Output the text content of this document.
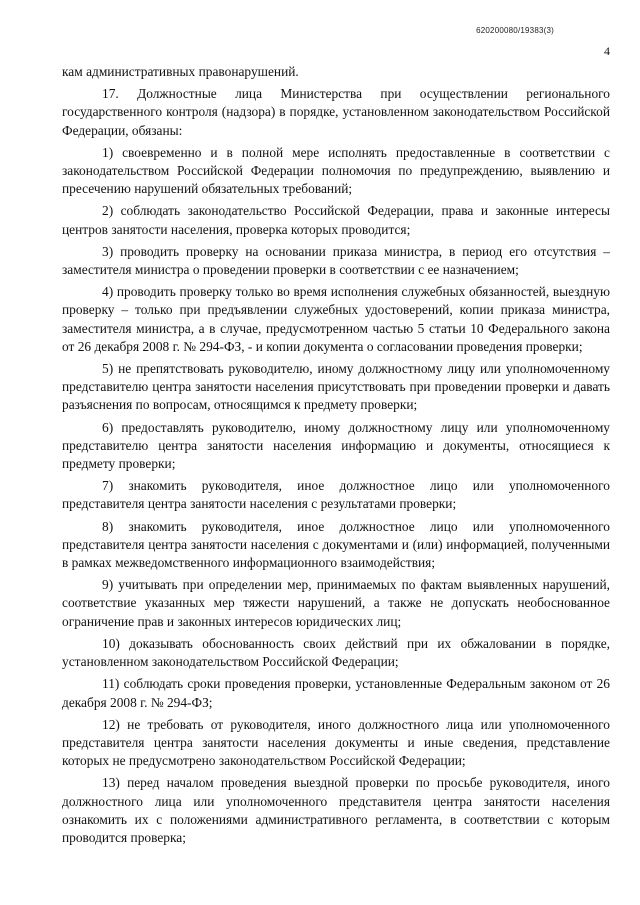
620200080/19383(3)
4

кам административных правонарушений.

17. Должностные лица Министерства при осуществлении регионального государственного контроля (надзора) в порядке, установленном законодательством Российской Федерации, обязаны:

1) своевременно и в полной мере исполнять предоставленные в соответствии с законодательством Российской Федерации полномочия по предупреждению, выявлению и пресечению нарушений обязательных требований;

2) соблюдать законодательство Российской Федерации, права и законные интересы центров занятости населения, проверка которых проводится;

3) проводить проверку на основании приказа министра, в период его отсутствия – заместителя министра о проведении проверки в соответствии с ее назначением;

4) проводить проверку только во время исполнения служебных обязанностей, выездную проверку – только при предъявлении служебных удостоверений, копии приказа министра, заместителя министра, а в случае, предусмотренном частью 5 статьи 10 Федерального закона от 26 декабря 2008 г. № 294-ФЗ, - и копии документа о согласовании проведения проверки;

5) не препятствовать руководителю, иному должностному лицу или уполномоченному представителю центра занятости населения присутствовать при проведении проверки и давать разъяснения по вопросам, относящимся к предмету проверки;

6) предоставлять руководителю, иному должностному лицу или уполномоченному представителю центра занятости населения информацию и документы, относящиеся к предмету проверки;

7) знакомить руководителя, иное должностное лицо или уполномоченного представителя центра занятости населения с результатами проверки;

8) знакомить руководителя, иное должностное лицо или уполномоченного представителя центра занятости населения с документами и (или) информацией, полученными в рамках межведомственного информационного взаимодействия;

9) учитывать при определении мер, принимаемых по фактам выявленных нарушений, соответствие указанных мер тяжести нарушений, а также не допускать необоснованное ограничение прав и законных интересов юридических лиц;

10) доказывать обоснованность своих действий при их обжаловании в порядке, установленном законодательством Российской Федерации;

11) соблюдать сроки проведения проверки, установленные Федеральным законом от 26 декабря 2008 г. № 294-ФЗ;

12) не требовать от руководителя, иного должностного лица или уполномоченного представителя центра занятости населения документы и иные сведения, представление которых не предусмотрено законодательством Российской Федерации;

13) перед началом проведения выездной проверки по просьбе руководителя, иного должностного лица или уполномоченного представителя центра занятости населения ознакомить их с положениями административного регламента, в соответствии с которым проводится проверка;
